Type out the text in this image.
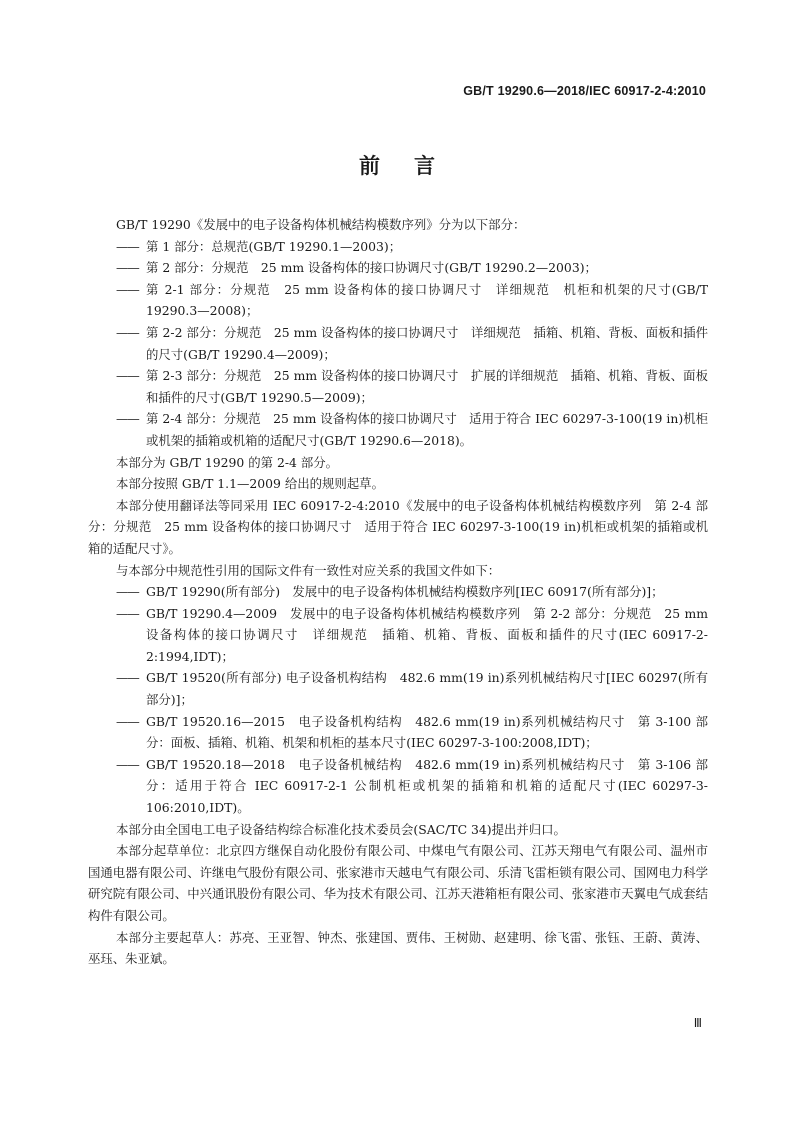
GB/T 19290.6—2018/IEC 60917-2-4:2010
前言

GB/T 19290《发展中的电子设备构体机械结构模数序列》分为以下部分：

—— 第 1 部分：总规范(GB/T 19290.1—2003)；

—— 第 2 部分：分规范　25 mm 设备构体的接口协调尺寸(GB/T 19290.2—2003)；

—— 第 2-1 部分：分规范　25 mm 设备构体的接口协调尺寸　详细规范　机柜和机架的尺寸(GB/T 19290.3—2008)；

—— 第 2-2 部分：分规范　25 mm 设备构体的接口协调尺寸　详细规范　插箱、机箱、背板、面板和插件的尺寸(GB/T 19290.4—2009)；

—— 第 2-3 部分：分规范　25 mm 设备构体的接口协调尺寸　扩展的详细规范　插箱、机箱、背板、面板和插件的尺寸(GB/T 19290.5—2009)；

—— 第 2-4 部分：分规范　25 mm 设备构体的接口协调尺寸　适用于符合 IEC 60297-3-100(19 in)机柜或机架的插箱或机箱的适配尺寸(GB/T 19290.6—2018)。

本部分为 GB/T 19290 的第 2-4 部分。

本部分按照 GB/T 1.1—2009 给出的规则起草。

本部分使用翻译法等同采用 IEC 60917-2-4:2010《发展中的电子设备构体机械结构模数序列　第 2-4 部分：分规范　25 mm 设备构体的接口协调尺寸　适用于符合 IEC 60297-3-100(19 in)机柜或机架的插箱或机箱的适配尺寸》。

与本部分中规范性引用的国际文件有一致性对应关系的我国文件如下：

—— GB/T 19290(所有部分)　发展中的电子设备构体机械结构模数序列[IEC 60917(所有部分)]；

—— GB/T 19290.4—2009　发展中的电子设备构体机械结构模数序列　第 2-2 部分：分规范　25 mm 设备构体的接口协调尺寸　详细规范　插箱、机箱、背板、面板和插件的尺寸(IEC 60917-2-2:1994,IDT)；

—— GB/T 19520(所有部分) 电子设备机构结构　482.6 mm(19 in)系列机械结构尺寸[IEC 60297(所有部分)]；

—— GB/T 19520.16—2015　电子设备机构结构　482.6 mm(19 in)系列机械结构尺寸　第 3-100 部分：面板、插箱、机箱、机架和机柜的基本尺寸(IEC 60297-3-100:2008,IDT)；

—— GB/T 19520.18—2018　电子设备机械结构　482.6 mm(19 in)系列机械结构尺寸　第 3-106 部分：适用于符合 IEC 60917-2-1 公制机柜或机架的插箱和机箱的适配尺寸(IEC 60297-3-106:2010,IDT)。

本部分由全国电工电子设备结构综合标准化技术委员会(SAC/TC 34)提出并归口。

本部分起草单位：北京四方继保自动化股份有限公司、中煤电气有限公司、江苏天翔电气有限公司、温州市国通电器有限公司、许继电气股份有限公司、张家港市天越电气有限公司、乐清飞雷柜锁有限公司、国网电力科学研究院有限公司、中兴通讯股份有限公司、华为技术有限公司、江苏天港箱柜有限公司、张家港市天翼电气成套结构件有限公司。

本部分主要起草人：苏亮、王亚智、钟杰、张建国、贾伟、王树勋、赵建明、徐飞雷、张钰、王蔚、黄涛、巫珏、朱亚斌。

Ⅲ
